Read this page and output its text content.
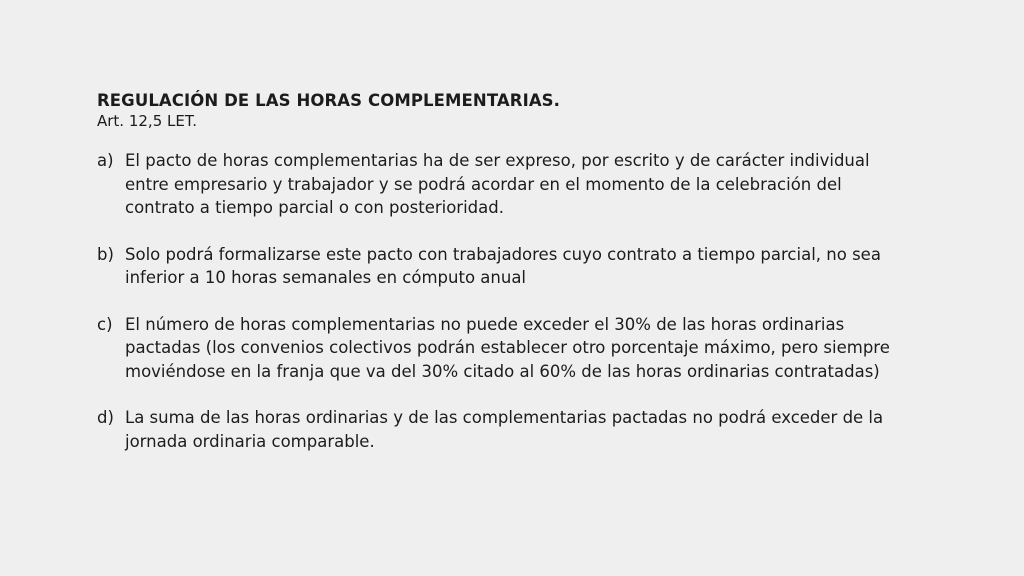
REGULACIÓN DE LAS HORAS COMPLEMENTARIAS.

Art. 12,5 LET.

a) El pacto de horas complementarias ha de ser expreso, por escrito y de carácter individual entre empresario y trabajador y se podrá acordar en el momento de la celebración del contrato a tiempo parcial o con posterioridad.
b) Solo podrá formalizarse este pacto con trabajadores cuyo contrato a tiempo parcial, no sea inferior a 10 horas semanales en cómputo anual
c) El número de horas complementarias no puede exceder el 30% de las horas ordinarias pactadas (los convenios colectivos podrán establecer otro porcentaje máximo, pero siempre moviéndose en la franja que va del 30% citado al 60% de las horas ordinarias contratadas)
d) La suma de las horas ordinarias y de las complementarias pactadas no podrá exceder de la jornada ordinaria comparable.
